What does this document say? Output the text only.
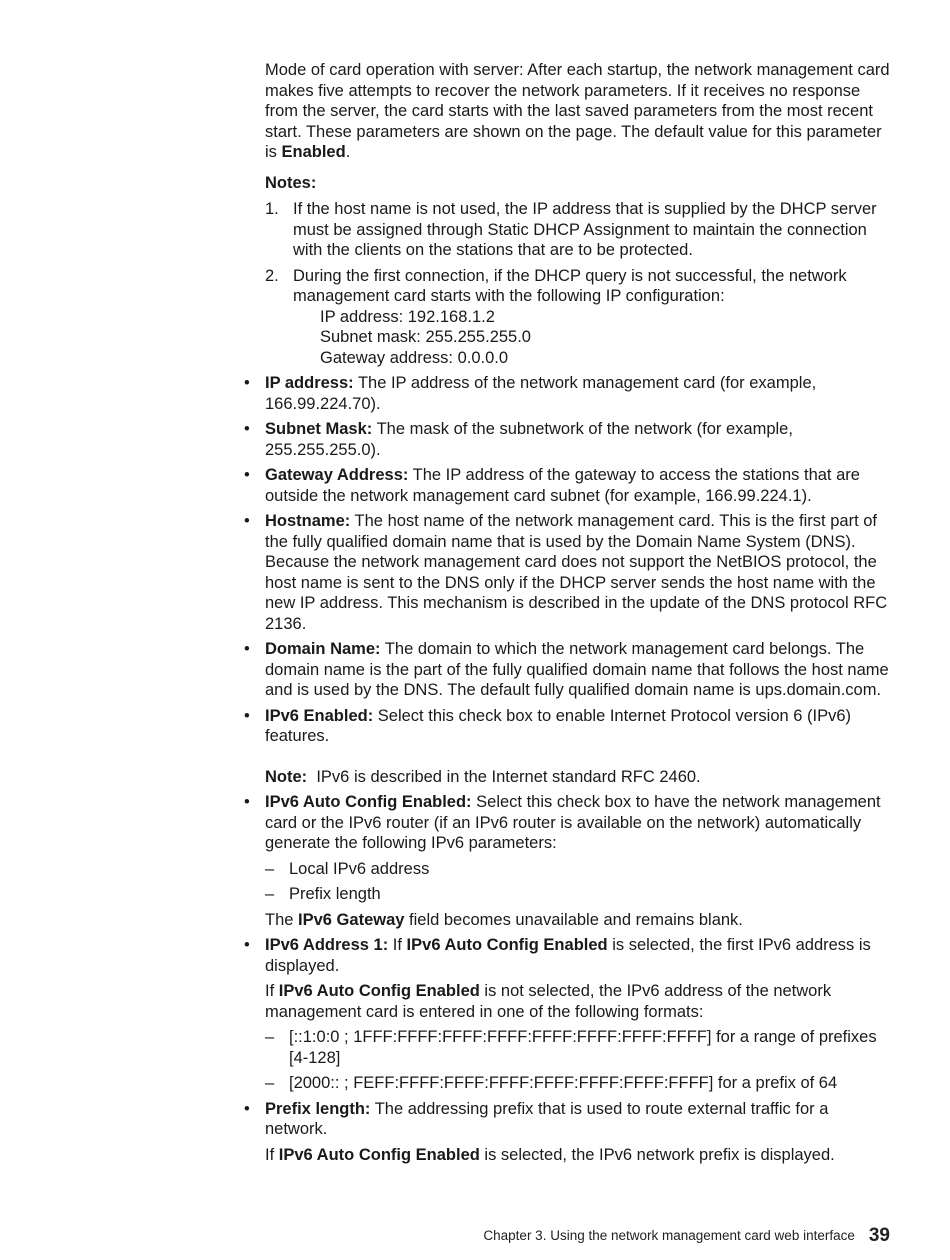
Mode of card operation with server: After each startup, the network management card makes five attempts to recover the network parameters. If it receives no response from the server, the card starts with the last saved parameters from the most recent start. These parameters are shown on the page. The default value for this parameter is Enabled.

Notes:

1. If the host name is not used, the IP address that is supplied by the DHCP server must be assigned through Static DHCP Assignment to maintain the connection with the clients on the stations that are to be protected.
2. During the first connection, if the DHCP query is not successful, the network management card starts with the following IP configuration:
IP address: 192.168.1.2
Subnet mask: 255.255.255.0
Gateway address: 0.0.0.0
• IP address: The IP address of the network management card (for example, 166.99.224.70).
• Subnet Mask: The mask of the subnetwork of the network (for example, 255.255.255.0).
• Gateway Address: The IP address of the gateway to access the stations that are outside the network management card subnet (for example, 166.99.224.1).
• Hostname: The host name of the network management card. This is the first part of the fully qualified domain name that is used by the Domain Name System (DNS). Because the network management card does not support the NetBIOS protocol, the host name is sent to the DNS only if the DHCP server sends the host name with the new IP address. This mechanism is described in the update of the DNS protocol RFC 2136.
• Domain Name: The domain to which the network management card belongs. The domain name is the part of the fully qualified domain name that follows the host name and is used by the DNS. The default fully qualified domain name is ups.domain.com.
• IPv6 Enabled: Select this check box to enable Internet Protocol version 6 (IPv6) features.

Note:  IPv6 is described in the Internet standard RFC 2460.

• IPv6 Auto Config Enabled: Select this check box to have the network management card or the IPv6 router (if an IPv6 router is available on the network) automatically generate the following IPv6 parameters:
– Local IPv6 address
– Prefix length

The IPv6 Gateway field becomes unavailable and remains blank.

• IPv6 Address 1: If IPv6 Auto Config Enabled is selected, the first IPv6 address is displayed.

If IPv6 Auto Config Enabled is not selected, the IPv6 address of the network management card is entered in one of the following formats:

– [::1:0:0 ; 1FFF:FFFF:FFFF:FFFF:FFFF:FFFF:FFFF:FFFF] for a range of prefixes [4-128]
– [2000:: ; FEFF:FFFF:FFFF:FFFF:FFFF:FFFF:FFFF:FFFF] for a prefix of 64
• Prefix length: The addressing prefix that is used to route external traffic for a network.

If IPv6 Auto Config Enabled is selected, the IPv6 network prefix is displayed.

Chapter 3. Using the network management card web interface 39
